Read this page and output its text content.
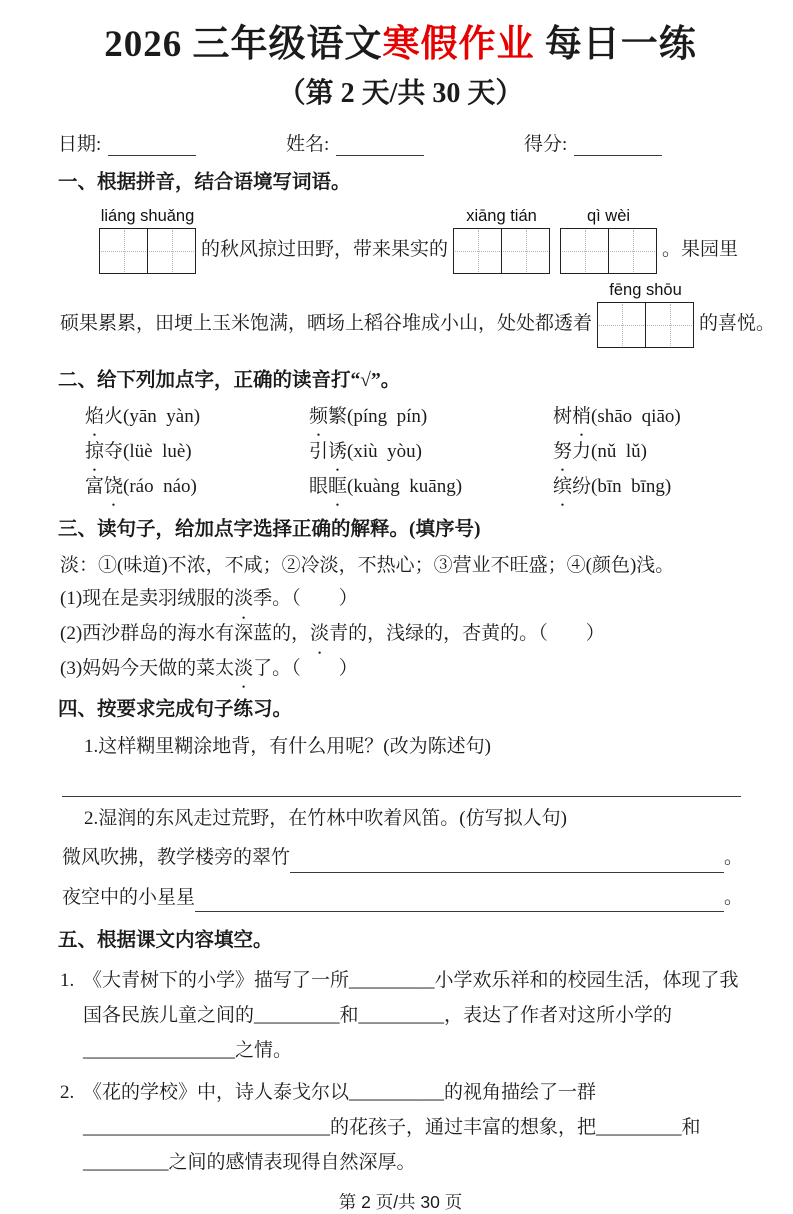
2026 三年级语文寒假作业 每日一练
（第 2 天/共 30 天）
日期:	姓名:	得分:
一、根据拼音，结合语境写词语。
liáng shuǎng
的秋风掠过田野，带来果实的
xiāng tián	qì wèi
。果园里
硕果累累，田埂上玉米饱满，晒场上稻谷堆成小山，处处都透着
fēng shōu
的喜悦。
二、给下列加点字，正确的读音打“√”。
焰火(yān  yàn)	频繁(píng  pín)	树梢(shāo  qiāo)
掠夺(lüè  luè)	引诱(xiù  yòu)	努力(nǔ  lǔ)
富饶(ráo  náo)	眼眶(kuàng  kuāng)	缤纷(bīn  bīng)
三、读句子，给加点字选择正确的解释。(填序号)
淡：①(味道)不浓，不咸；②冷淡，不热心；③营业不旺盛；④(颜色)浅。
(1)现在是卖羽绒服的淡季。（　　）
(2)西沙群岛的海水有深蓝的，淡青的，浅绿的，杏黄的。（　　）
(3)妈妈今天做的菜太淡了。（　　）
四、按要求完成句子练习。
1.这样糊里糊涂地背，有什么用呢？(改为陈述句)
2.湿润的东风走过荒野，在竹林中吹着风笛。(仿写拟人句)
微风吹拂，教学楼旁的翠竹	。
夜空中的小星星	。
五、根据课文内容填空。
1. 《大青树下的小学》描写了一所_________小学欢乐祥和的校园生活，体现了我国各民族儿童之间的_________和_________，表达了作者对这所小学的________________之情。
2. 《花的学校》中，诗人泰戈尔以__________的视角描绘了一群__________________________的花孩子，通过丰富的想象，把_________和_________之间的感情表现得自然深厚。
第 2 页/共 30 页
